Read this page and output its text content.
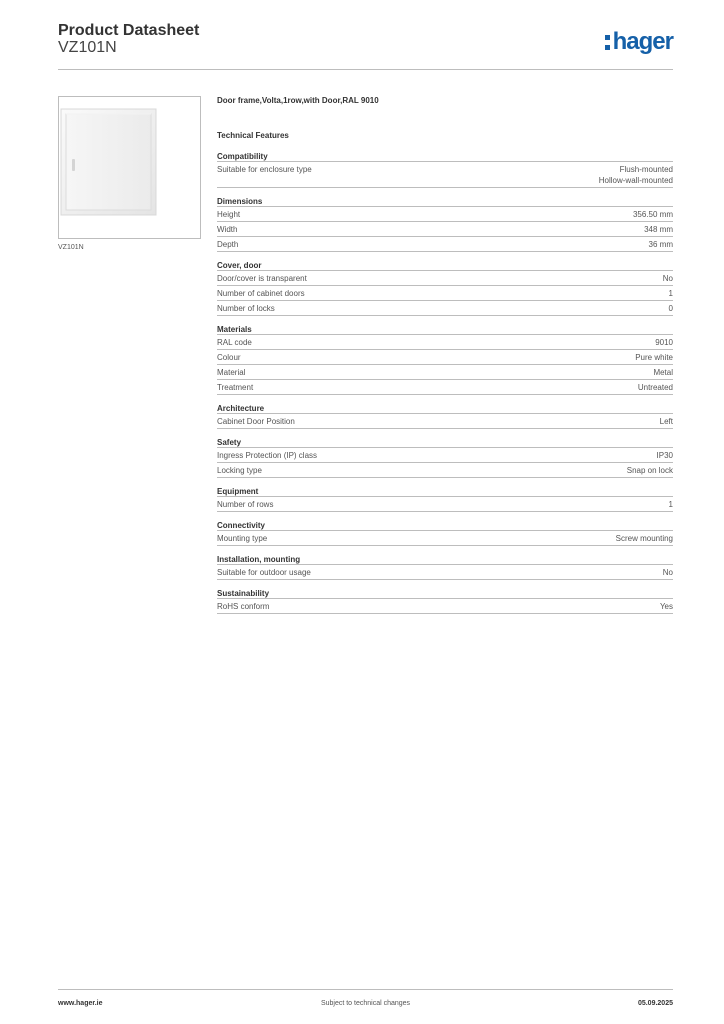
Product Datasheet
VZ101N	hager
VZ101N
Door frame,Volta,1row,with Door,RAL 9010
Technical Features
Compatibility
Suitable for enclosure type	Flush-mounted
Hollow-wall-mounted
Dimensions
Height	356.50 mm
Width	348 mm
Depth	36 mm
Cover, door
Door/cover is transparent	No
Number of cabinet doors	1
Number of locks	0
Materials
RAL code	9010
Colour	Pure white
Material	Metal
Treatment	Untreated
Architecture
Cabinet Door Position	Left
Safety
Ingress Protection (IP) class	IP30
Locking type	Snap on lock
Equipment
Number of rows	1
Connectivity
Mounting type	Screw mounting
Installation, mounting
Suitable for outdoor usage	No
Sustainability
RoHS conform	Yes
www.hager.ie	Subject to technical changes	05.09.2025
